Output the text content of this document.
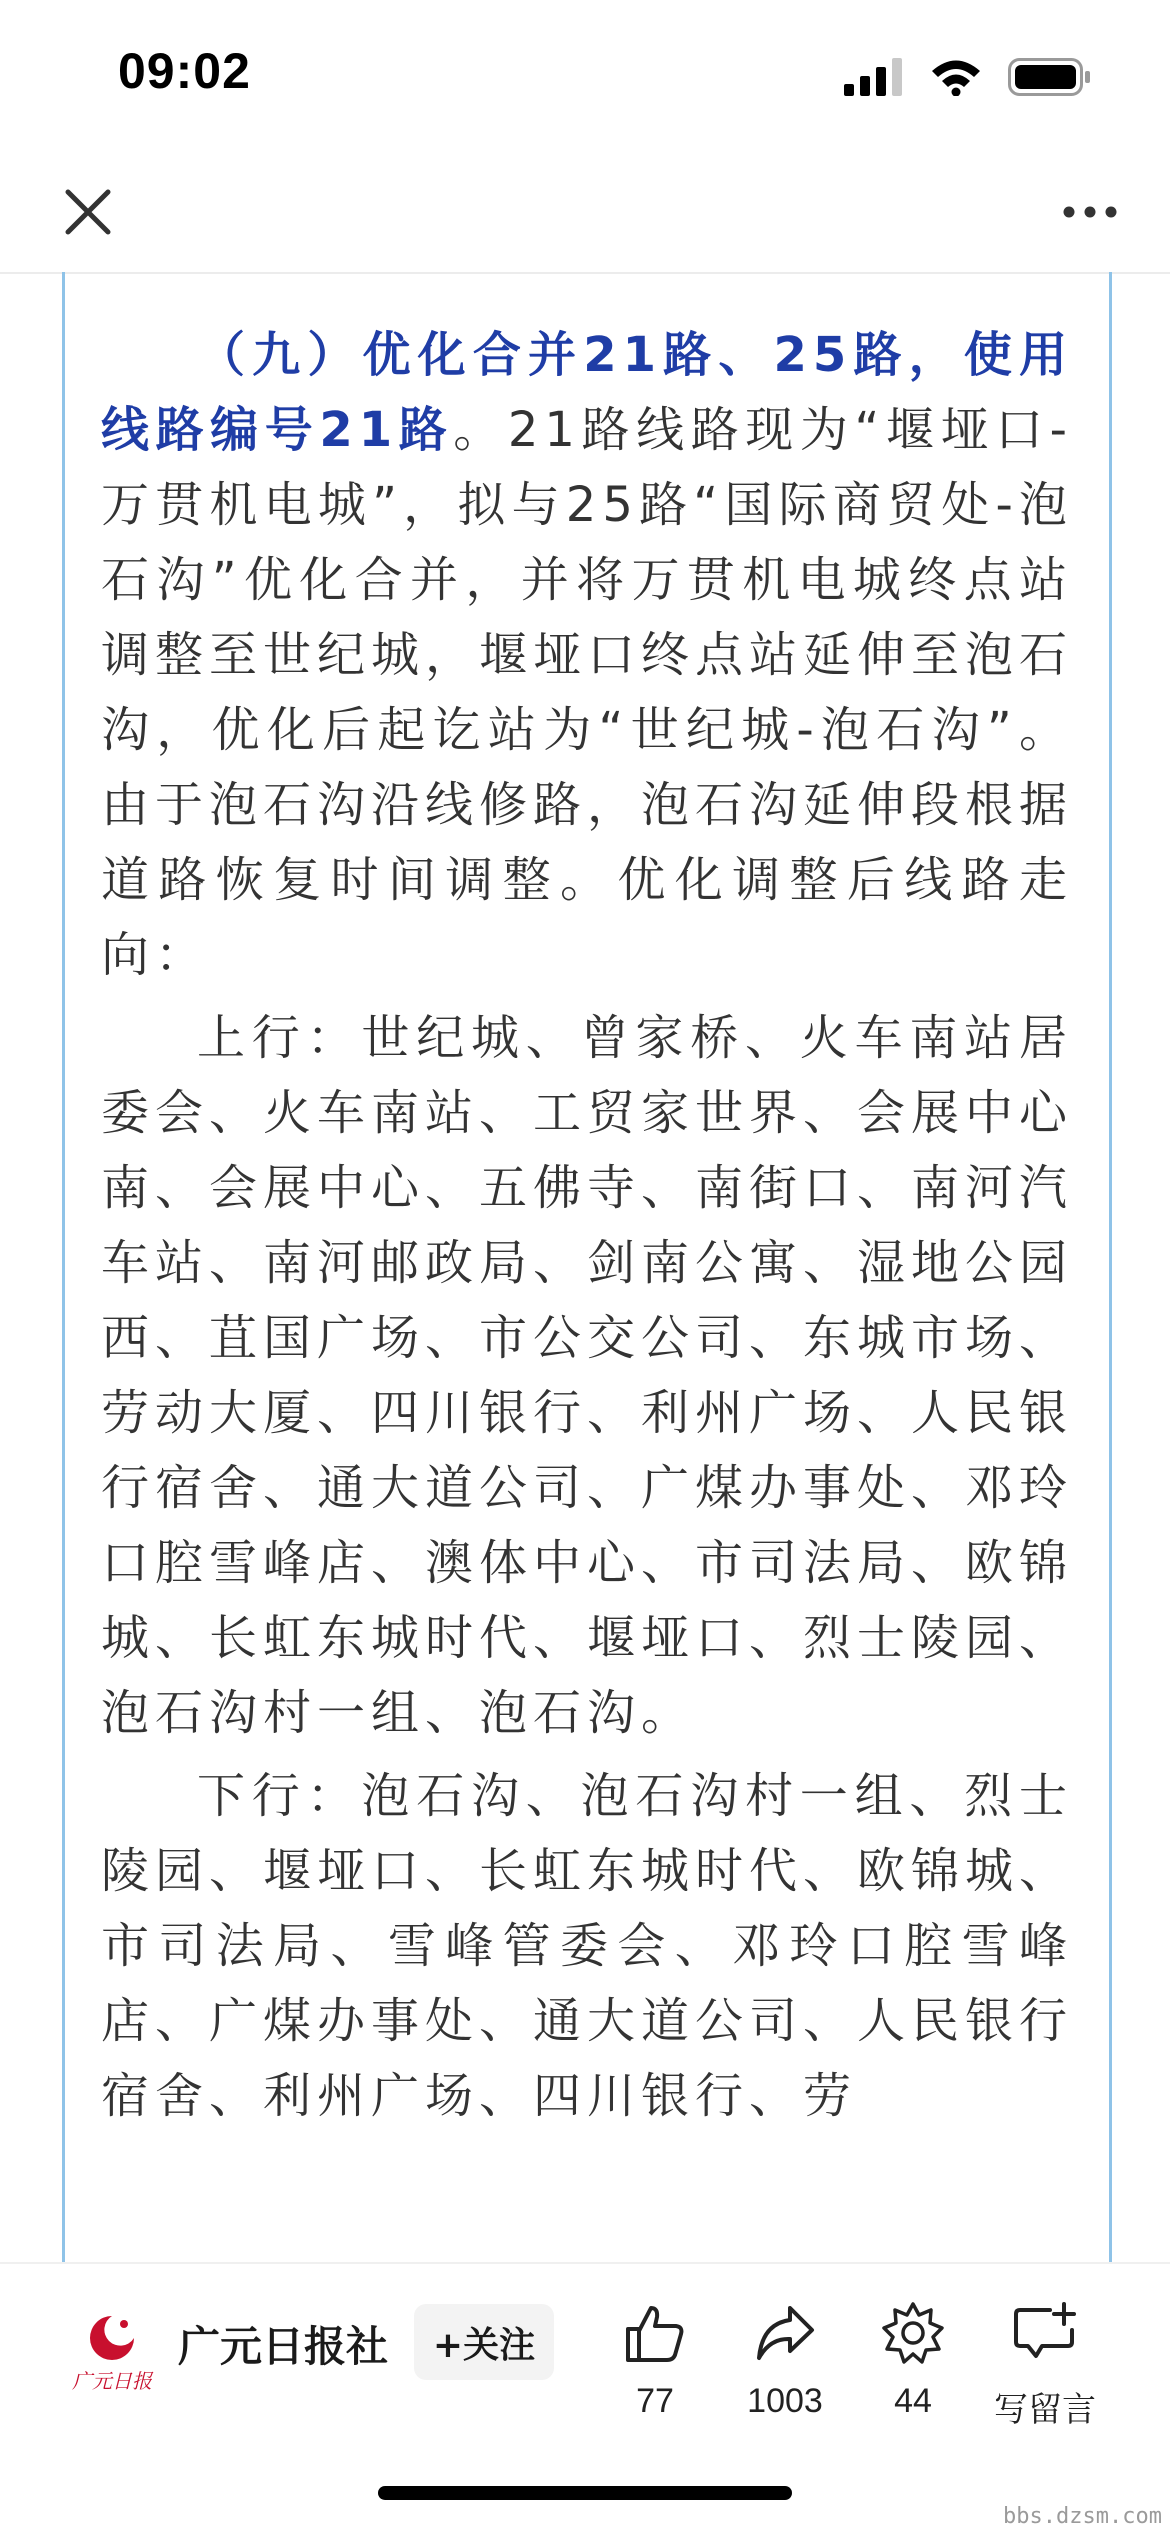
09:02

（九）优化合并21路、25路，使用线路编号21路。21路线路现为“堰垭口-万贯机电城”，拟与25路“国际商贸处-泡石沟”优化合并，并将万贯机电城终点站调整至世纪城，堰垭口终点站延伸至泡石沟，优化后起讫站为“世纪城-泡石沟”。由于泡石沟沿线修路，泡石沟延伸段根据道路恢复时间调整。优化调整后线路走向：

上行：世纪城、曾家桥、火车南站居委会、火车南站、工贸家世界、会展中心南、会展中心、五佛寺、南街口、南河汽车站、南河邮政局、剑南公寓、湿地公园西、苴国广场、市公交公司、东城市场、劳动大厦、四川银行、利州广场、人民银行宿舍、通大道公司、广煤办事处、邓玲口腔雪峰店、澳体中心、市司法局、欧锦城、长虹东城时代、堰垭口、烈士陵园、泡石沟村一组、泡石沟。

下行：泡石沟、泡石沟村一组、烈士陵园、堰垭口、长虹东城时代、欧锦城、市司法局、雪峰管委会、邓玲口腔雪峰店、广煤办事处、通大道公司、人民银行宿舍、利州广场、四川银行、劳

广元日报
广元日报社	+关注
77	1003	44	写留言
bbs.dzsm.com
